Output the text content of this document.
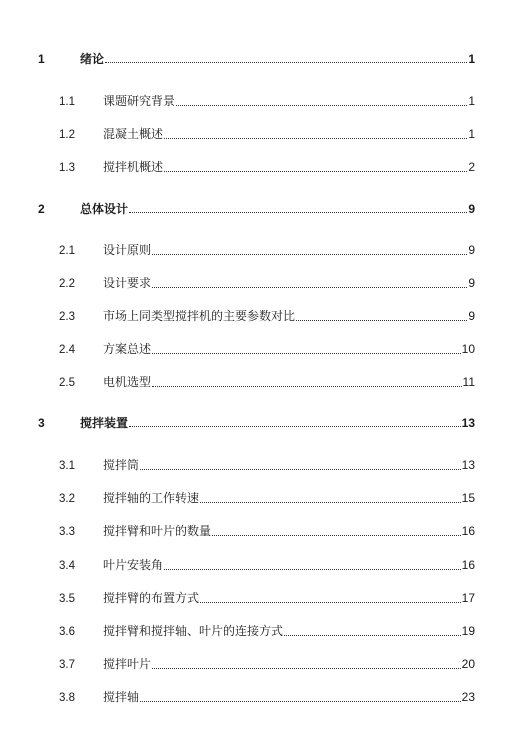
1	绪论	1
1.1	课题研究背景	1
1.2	混凝土概述	1
1.3	搅拌机概述	2
2	总体设计	9
2.1	设计原则	9
2.2	设计要求	9
2.3	市场上同类型搅拌机的主要参数对比	9
2.4	方案总述	10
2.5	电机选型	11
3	搅拌装置	13
3.1	搅拌筒	13
3.2	搅拌轴的工作转速	15
3.3	搅拌臂和叶片的数量	16
3.4	叶片安装角	16
3.5	搅拌臂的布置方式	17
3.6	搅拌臂和搅拌轴、叶片的连接方式	19
3.7	搅拌叶片	20
3.8	搅拌轴	23
